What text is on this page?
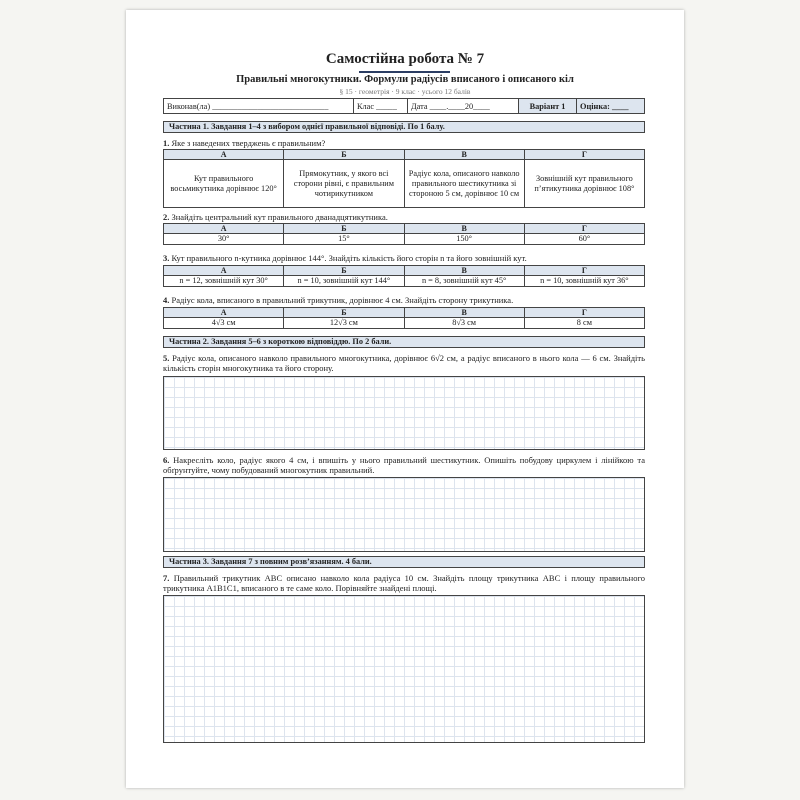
Самостійна робота № 7
Правильні многокутники. Формули радіусів вписаного і описаного кіл
§ 15 · геометрія · 9 клас · усього 12 балів
Виконав(ла) ____________________________	Клас _____	Дата ____.____20____	Варіант 1	Оцінка: ____
Частина 1. Завдання 1–4 з вибором однієї правильної відповіді. По 1 балу.
1. Яке з наведених тверджень є правильним?
А	Б	В	Г
Кут правильного восьмикутника дорівнює 120°	Прямокутник, у якого всі сторони рівні, є правильним чотирикутником	Радіус кола, описаного навколо правильного шестикутника зі стороною 5 см, дорівнює 10 см	Зовнішній кут правильного п’ятикутника дорівнює 108°
2. Знайдіть центральний кут правильного дванадцятикутника.
А	Б	В	Г
30°	15°	150°	60°
3. Кут правильного n-кутника дорівнює 144°. Знайдіть кількість його сторін n та його зовнішній кут.
А	Б	В	Г
n = 12, зовнішній кут 30°	n = 10, зовнішній кут 144°	n = 8, зовнішній кут 45°	n = 10, зовнішній кут 36°
4. Радіус кола, вписаного в правильний трикутник, дорівнює 4 см. Знайдіть сторону трикутника.
А	Б	В	Г
4√3 см	12√3 см	8√3 см	8 см
Частина 2. Завдання 5–6 з короткою відповіддю. По 2 бали.
5. Радіус кола, описаного навколо правильного многокутника, дорівнює 6√2 см, а радіус вписаного в нього кола — 6 см. Знайдіть кількість сторін многокутника та його сторону.
6. Накресліть коло, радіус якого 4 см, і впишіть у нього правильний шестикутник. Опишіть побудову циркулем і лінійкою та обґрунтуйте, чому побудований многокутник правильний.
Частина 3. Завдання 7 з повним розв’язанням. 4 бали.
7. Правильний трикутник ABC описано навколо кола радіуса 10 см. Знайдіть площу трикутника ABC і площу правильного трикутника A1B1C1, вписаного в те саме коло. Порівняйте знайдені площі.
